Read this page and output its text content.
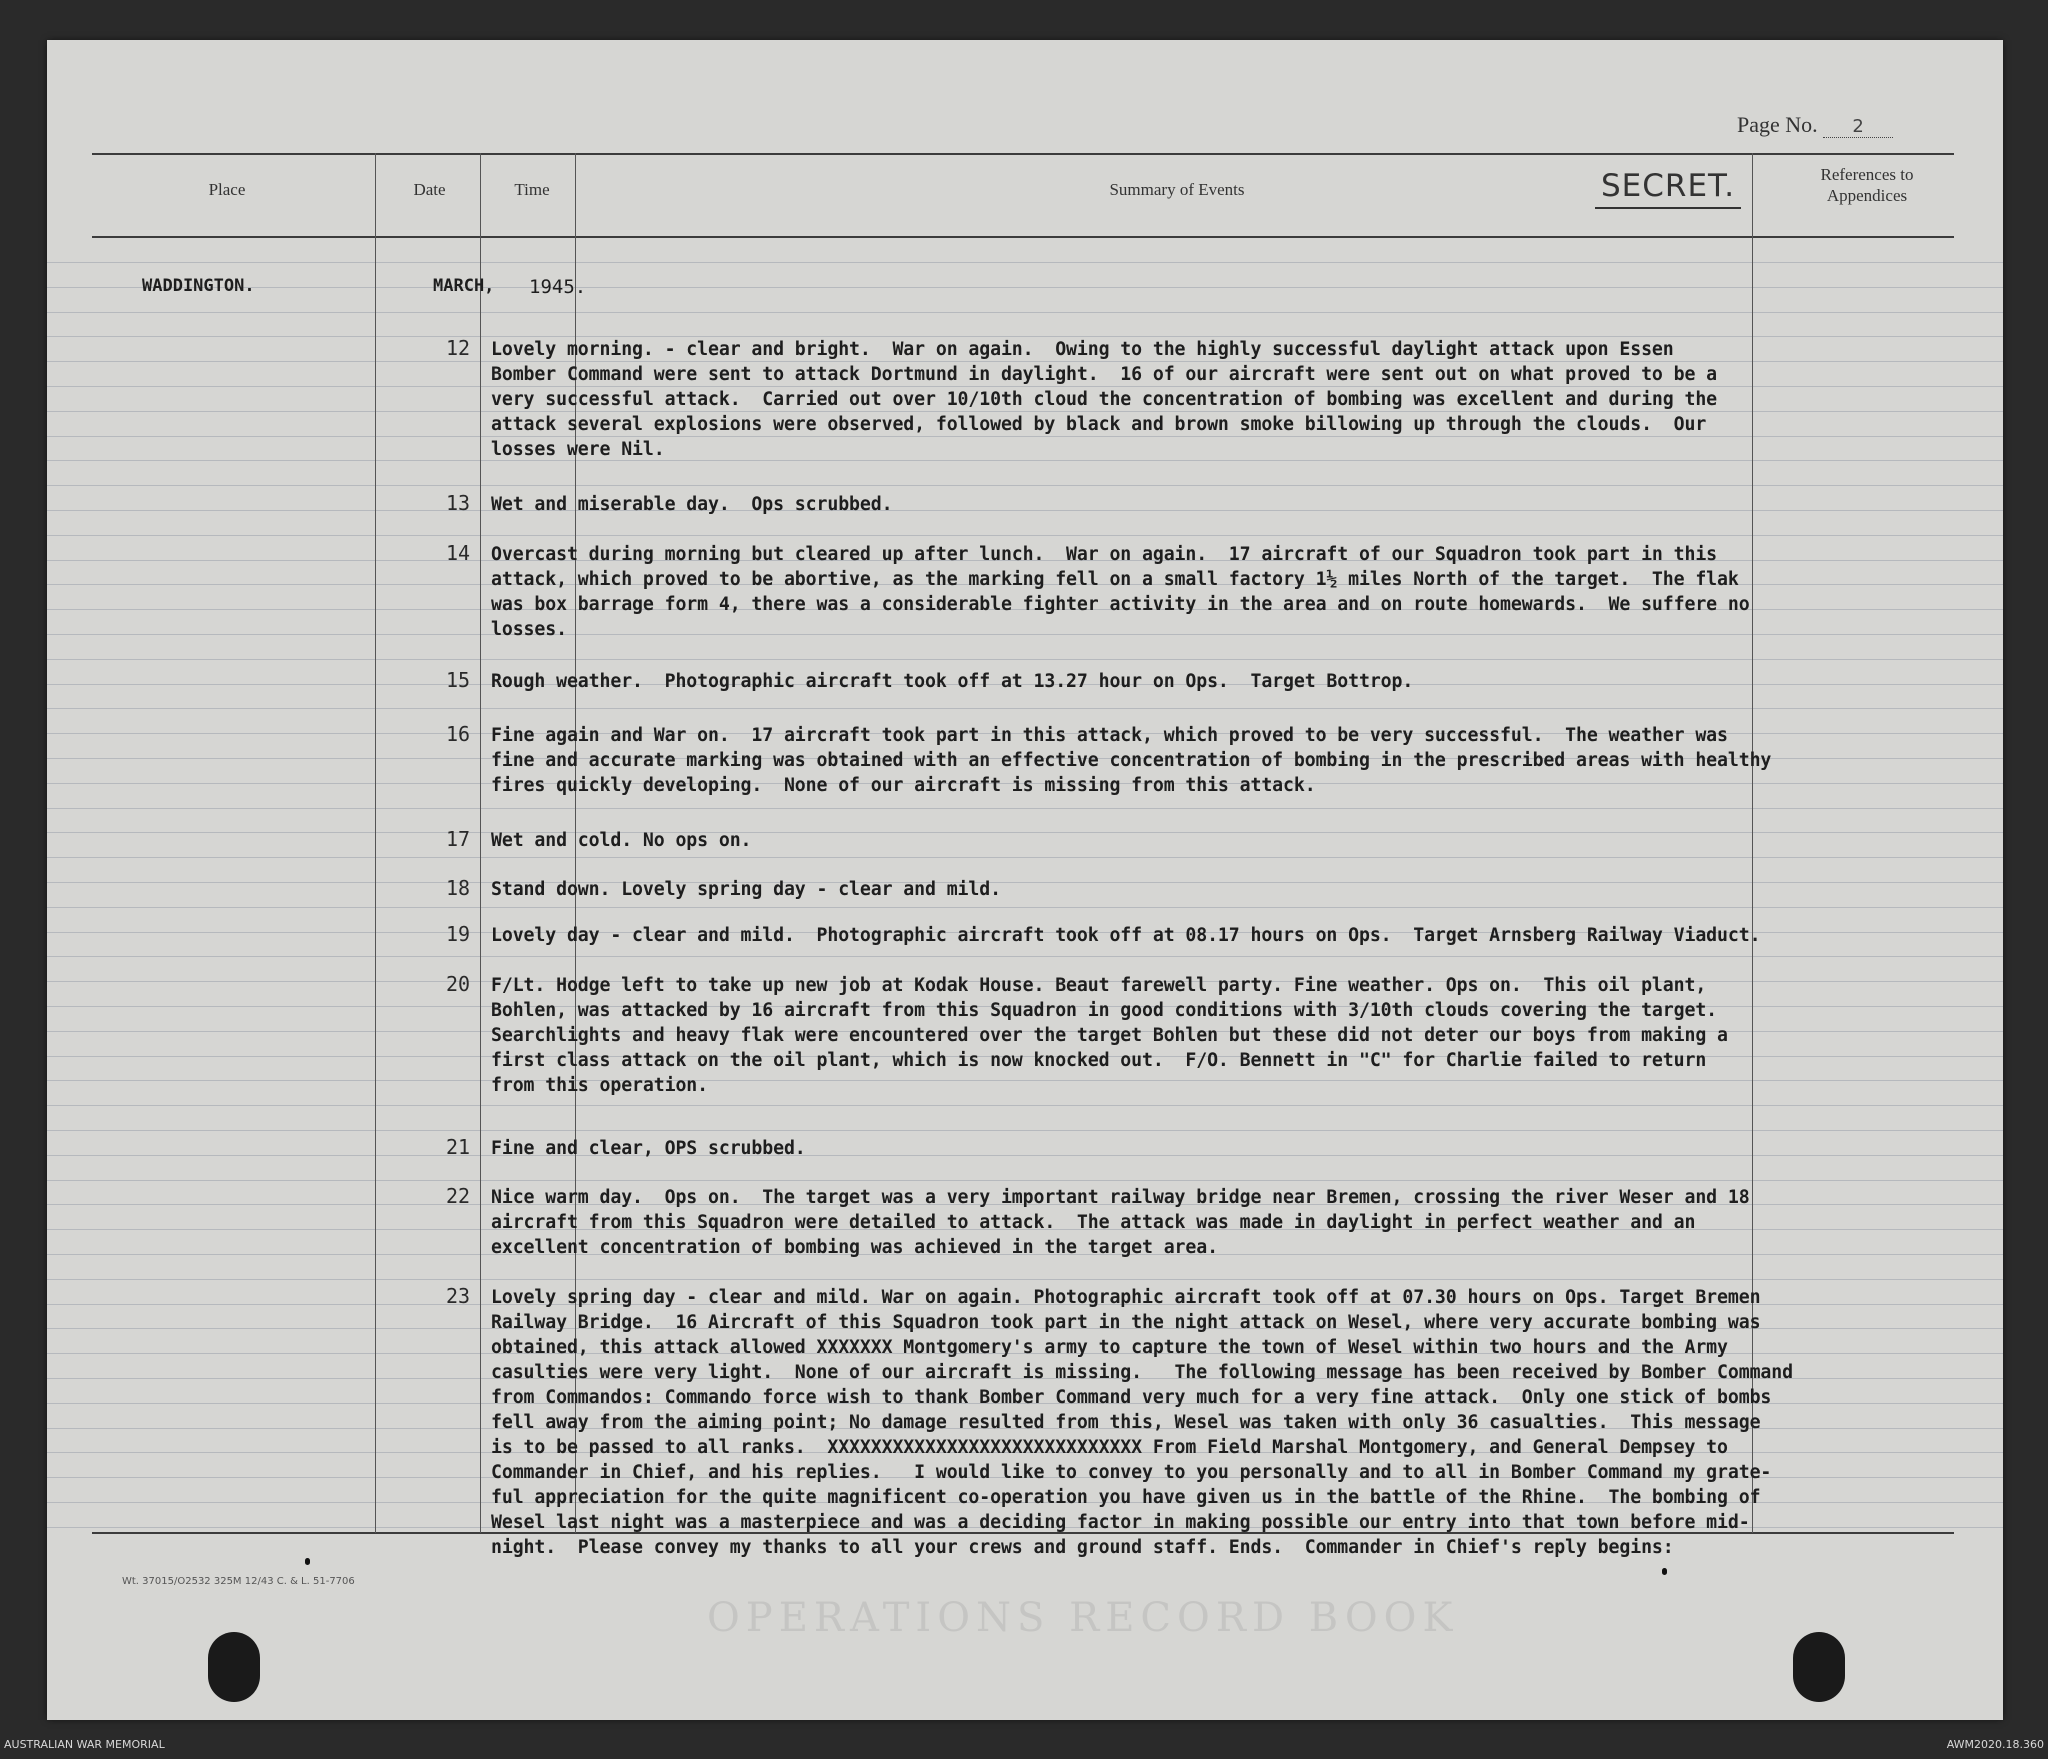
Page No. 2
Place	Date	Time	Summary of Events	SECRET.	References to Appendices
WADDINGTON.	MARCH, 1945.
12	Lovely morning. - clear and bright.  War on again.  Owing to the highly successful daylight attack upon Essen
Bomber Command were sent to attack Dortmund in daylight.  16 of our aircraft were sent out on what proved to be a
very successful attack.  Carried out over 10/10th cloud the concentration of bombing was excellent and during the
attack several explosions were observed, followed by black and brown smoke billowing up through the clouds.  Our
losses were Nil.
13	Wet and miserable day.  Ops scrubbed.
14	Overcast during morning but cleared up after lunch.  War on again.  17 aircraft of our Squadron took part in this
attack, which proved to be abortive, as the marking fell on a small factory 1½ miles North of the target.  The flak
was box barrage form 4, there was a considerable fighter activity in the area and on route homewards.  We suffere no
losses.
15	Rough weather.  Photographic aircraft took off at 13.27 hour on Ops.  Target Bottrop.
16	Fine again and War on.  17 aircraft took part in this attack, which proved to be very successful.  The weather was
fine and accurate marking was obtained with an effective concentration of bombing in the prescribed areas with healthy
fires quickly developing.  None of our aircraft is missing from this attack.
17	Wet and cold. No ops on.
18	Stand down. Lovely spring day - clear and mild.
19	Lovely day - clear and mild.  Photographic aircraft took off at 08.17 hours on Ops.  Target Arnsberg Railway Viaduct.
20	F/Lt. Hodge left to take up new job at Kodak House. Beaut farewell party. Fine weather. Ops on.  This oil plant,
Bohlen, was attacked by 16 aircraft from this Squadron in good conditions with 3/10th clouds covering the target.
Searchlights and heavy flak were encountered over the target Bohlen but these did not deter our boys from making a
first class attack on the oil plant, which is now knocked out.  F/O. Bennett in "C" for Charlie failed to return
from this operation.
21	Fine and clear, OPS scrubbed.
22	Nice warm day.  Ops on.  The target was a very important railway bridge near Bremen, crossing the river Weser and 18
aircraft from this Squadron were detailed to attack.  The attack was made in daylight in perfect weather and an
excellent concentration of bombing was achieved in the target area.
23	Lovely spring day - clear and mild. War on again. Photographic aircraft took off at 07.30 hours on Ops. Target Bremen
Railway Bridge.  16 Aircraft of this Squadron took part in the night attack on Wesel, where very accurate bombing was
obtained, this attack allowed XXXXXXX Montgomery's army to capture the town of Wesel within two hours and the Army
casulties were very light.  None of our aircraft is missing.   The following message has been received by Bomber Command
from Commandos: Commando force wish to thank Bomber Command very much for a very fine attack.  Only one stick of bombs
fell away from the aiming point; No damage resulted from this, Wesel was taken with only 36 casualties.  This message
is to be passed to all ranks.  XXXXXXXXXXXXXXXXXXXXXXXXXXXXX From Field Marshal Montgomery, and General Dempsey to
Commander in Chief, and his replies.   I would like to convey to you personally and to all in Bomber Command my grate-
ful appreciation for the quite magnificent co-operation you have given us in the battle of the Rhine.  The bombing of
Wesel last night was a masterpiece and was a deciding factor in making possible our entry into that town before mid-
night.  Please convey my thanks to all your crews and ground staff. Ends.  Commander in Chief's reply begins:
Wt. 37015/O2532 325M 12/43 C. & L. 51-7706
OPERATIONS RECORD BOOK
AUSTRALIAN WAR MEMORIAL	AWM2020.18.360
